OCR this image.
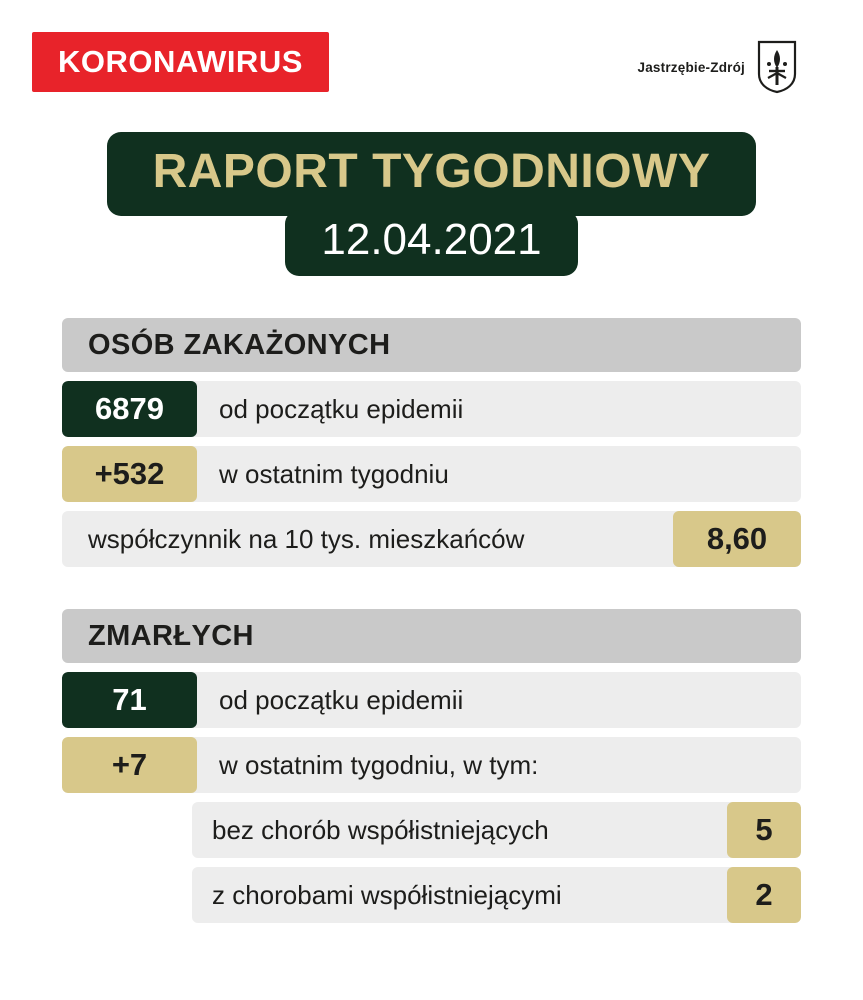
KORONAWIRUS	Jastrzębie-Zdrój
RAPORT TYGODNIOWY
12.04.2021
OSÓB ZAKAŻONYCH
6879	od początku epidemii
+532	w ostatnim tygodniu
współczynnik na 10 tys. mieszkańców	8,60
ZMARŁYCH
71	od początku epidemii
+7	w ostatnim tygodniu, w tym:
bez chorób współistniejących	5
z chorobami współistniejącymi	2
